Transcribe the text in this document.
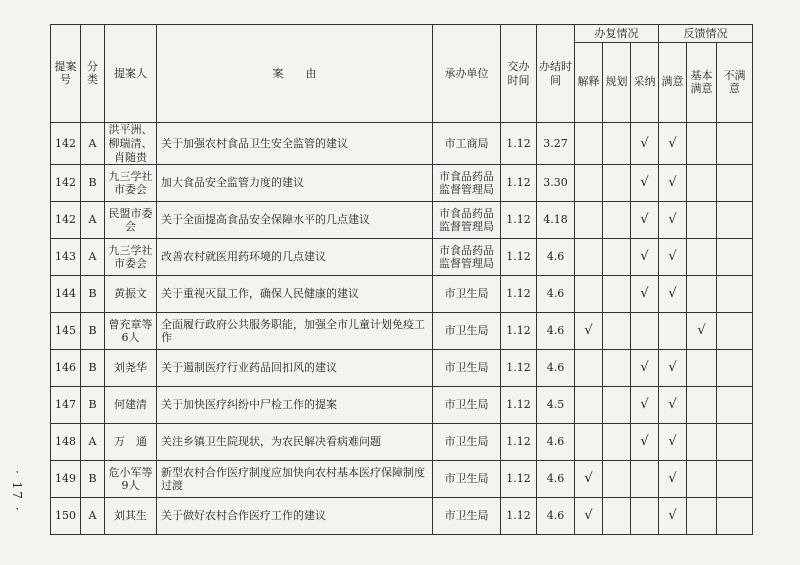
· 17 ·
提案号	分类	提案人	案　　由	承办单位	交办时间	办结时间	办复情况			反馈情况		

							解释	规划	采纳	满意	基本满意	不满意

142	A	洪平洲、柳瑞清、肖随贵	关于加强农村食品卫生安全监管的建议	市工商局	1.12	3.27			√	√		
142	B	九三学社市委会	加大食品安全监管力度的建议	市食品药品监督管理局	1.12	3.30			√	√		
142	A	民盟市委会	关于全面提高食品安全保障水平的几点建议	市食品药品监督管理局	1.12	4.18			√	√		
143	A	九三学社市委会	改善农村就医用药环境的几点建议	市食品药品监督管理局	1.12	4.6			√	√		
144	B	黄振文	关于重视灭鼠工作，确保人民健康的建议	市卫生局	1.12	4.6			√	√		
145	B	曾充章等6人	全面履行政府公共服务职能，加强全市儿童计划免疫工作	市卫生局	1.12	4.6	√				√	
146	B	刘尧华	关于遏制医疗行业药品回扣风的建议	市卫生局	1.12	4.6			√	√		
147	B	何建清	关于加快医疗纠纷中尸检工作的提案	市卫生局	1.12	4.5			√	√		
148	A	万　通	关注乡镇卫生院现状，为农民解决看病难问题	市卫生局	1.12	4.6			√	√		
149	B	危小军等9人	新型农村合作医疗制度应加快向农村基本医疗保障制度过渡	市卫生局	1.12	4.6	√			√		
150	A	刘其生	关于做好农村合作医疗工作的建议	市卫生局	1.12	4.6	√			√		
